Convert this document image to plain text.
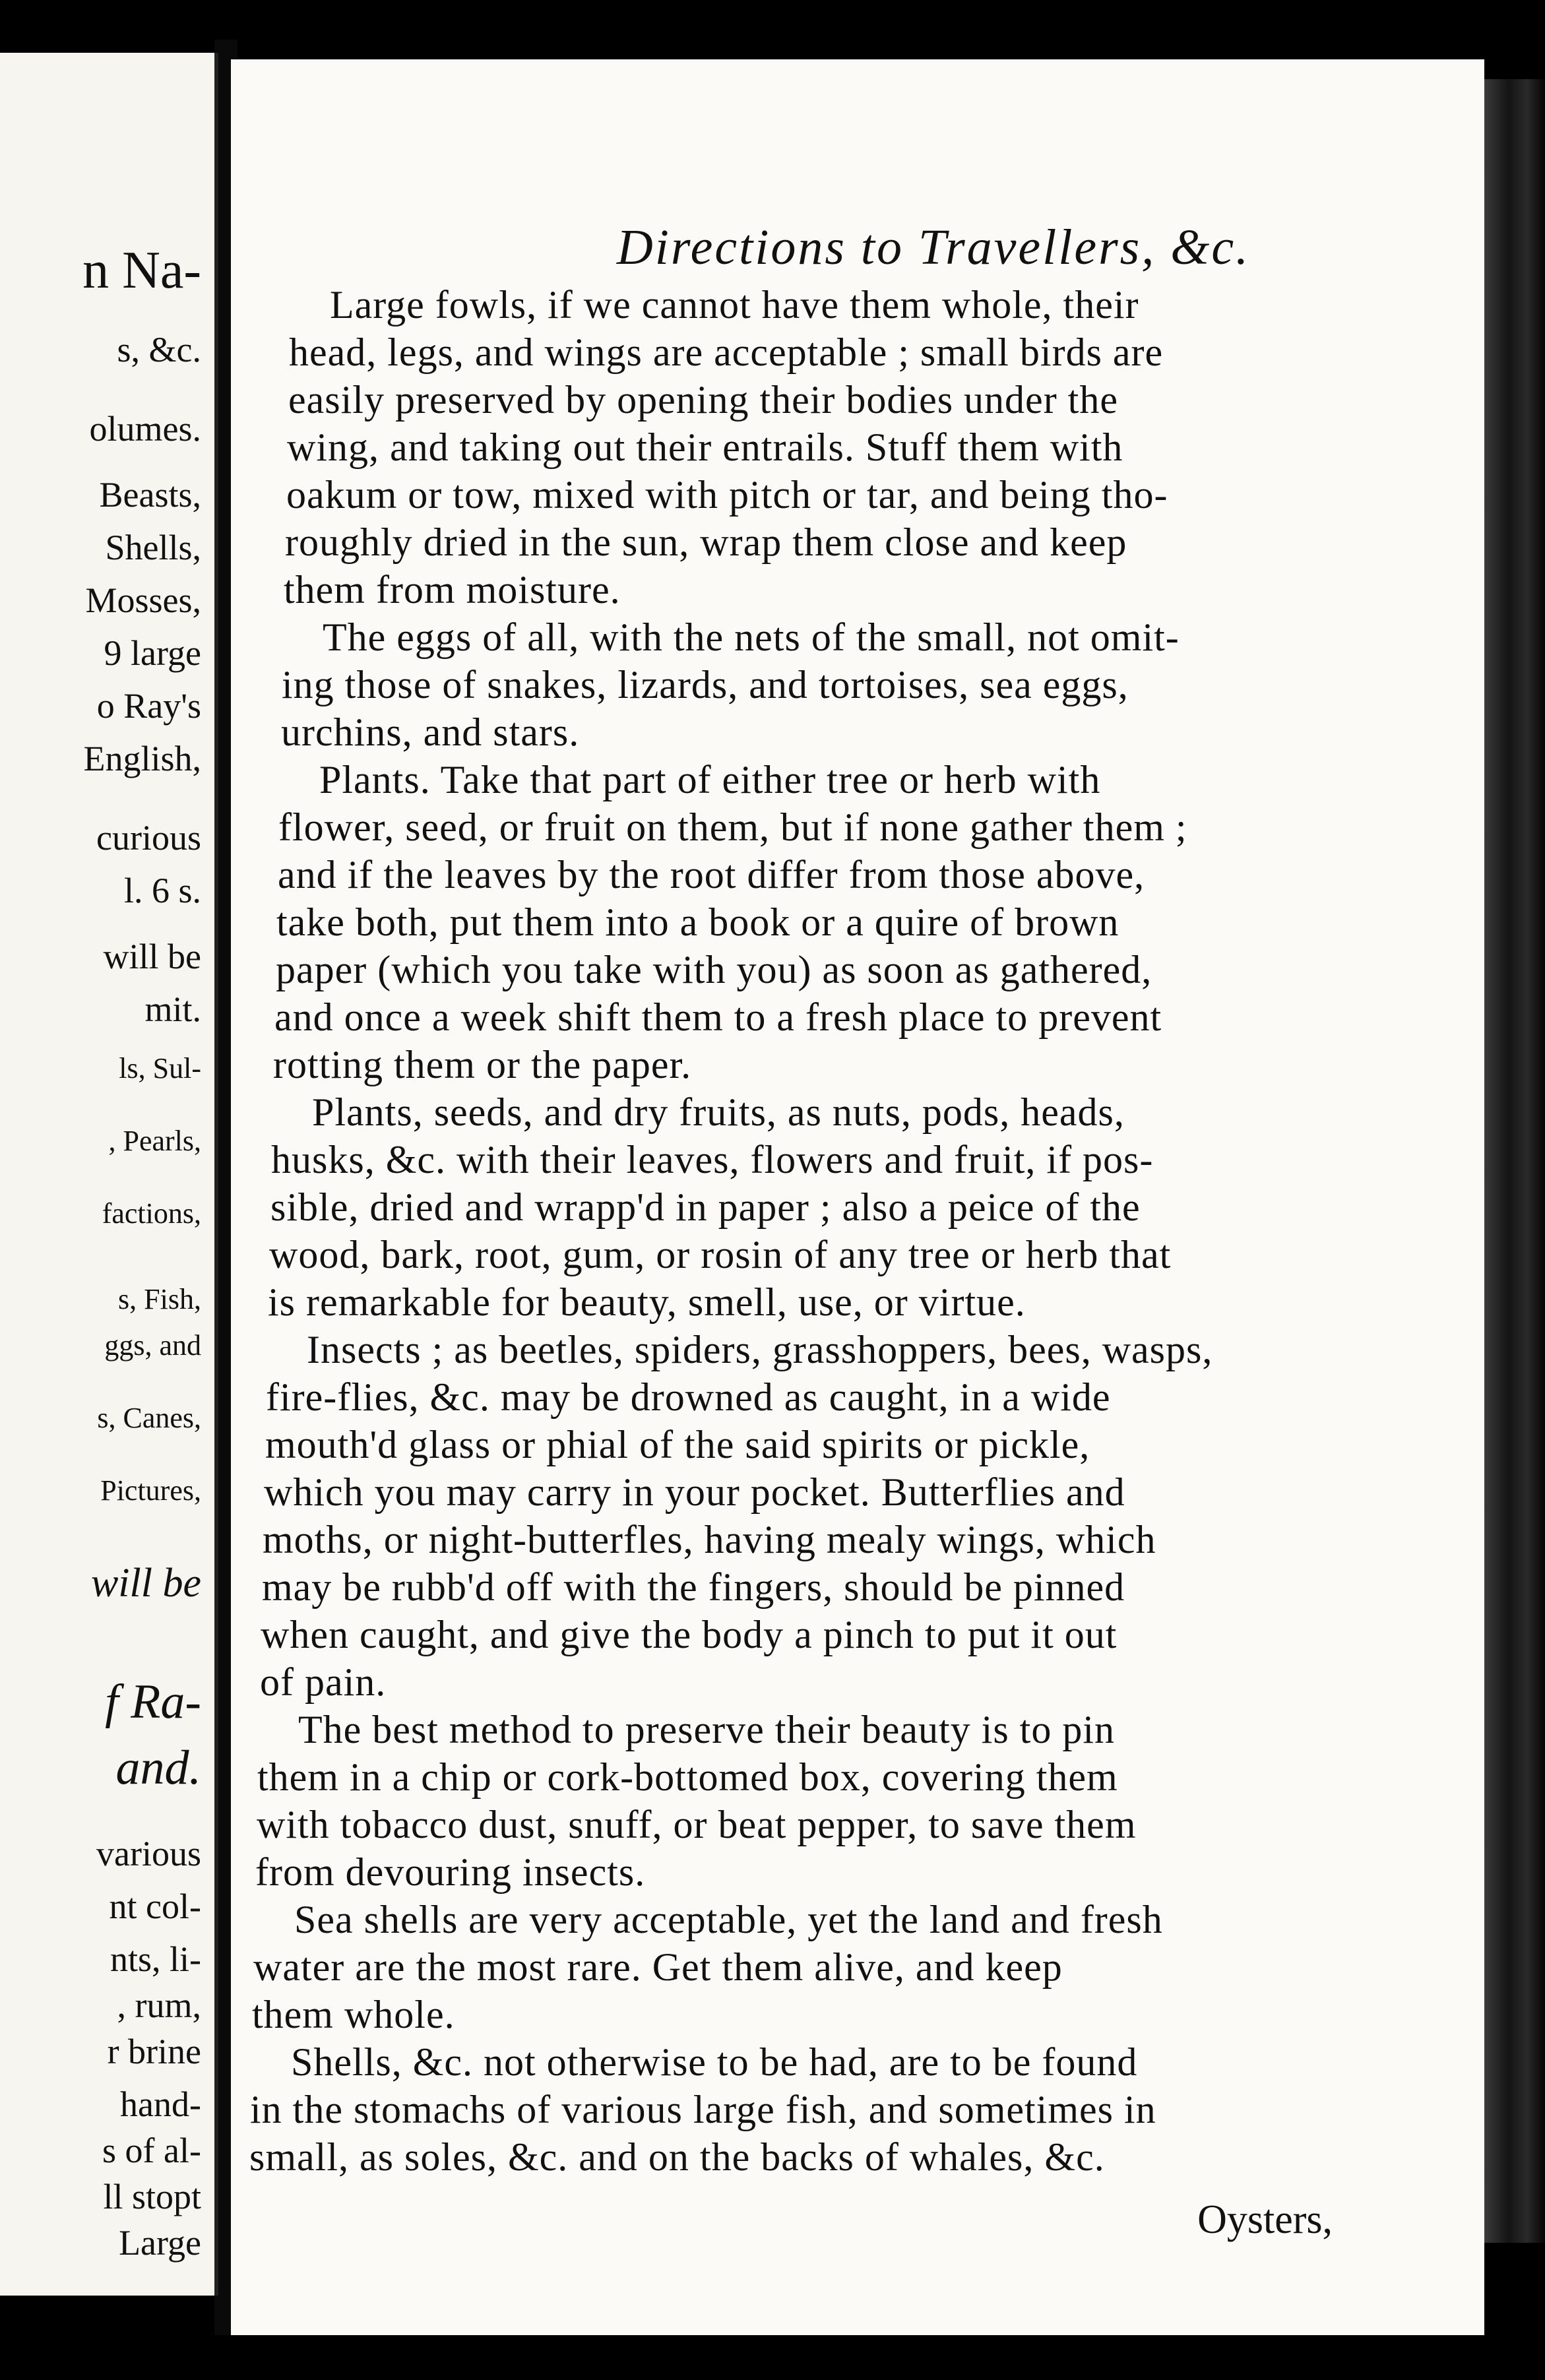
n Na-
s, &c.
olumes.
Beasts,
Shells,
Mosses,
9 large
o Ray's
English,
curious
l. 6 s.
will be
mit.
ls, Sul-
, Pearls,
factions,
s, Fish,
ggs, and
s, Canes,
Pictures,
will be
f Ra-
and.
various
nt col-
nts, li-
, rum,
r brine
hand-
s of al-
ll stopt
Large
Directions to Travellers, &c.
Large fowls, if we cannot have them whole, their
head, legs, and wings are acceptable ; small birds are
easily preserved by opening their bodies under the
wing, and taking out their entrails. Stuff them with
oakum or tow, mixed with pitch or tar, and being tho-
roughly dried in the sun, wrap them close and keep
them from moisture.
The eggs of all, with the nets of the small, not omit-
ing those of snakes, lizards, and tortoises, sea eggs,
urchins, and stars.
Plants. Take that part of either tree or herb with
flower, seed, or fruit on them, but if none gather them ;
and if the leaves by the root differ from those above,
take both, put them into a book or a quire of brown
paper (which you take with you) as soon as gathered,
and once a week shift them to a fresh place to prevent
rotting them or the paper.
Plants, seeds, and dry fruits, as nuts, pods, heads,
husks, &c. with their leaves, flowers and fruit, if pos-
sible, dried and wrapp'd in paper ; also a peice of the
wood, bark, root, gum, or rosin of any tree or herb that
is remarkable for beauty, smell, use, or virtue.
Insects ; as beetles, spiders, grasshoppers, bees, wasps,
fire-flies, &c. may be drowned as caught, in a wide
mouth'd glass or phial of the said spirits or pickle,
which you may carry in your pocket. Butterflies and
moths, or night-butterfles, having mealy wings, which
may be rubb'd off with the fingers, should be pinned
when caught, and give the body a pinch to put it out
of pain.
The best method to preserve their beauty is to pin
them in a chip or cork-bottomed box, covering them
with tobacco dust, snuff, or beat pepper, to save them
from devouring insects.
Sea shells are very acceptable, yet the land and fresh
water are the most rare. Get them alive, and keep
them whole.
Shells, &c. not otherwise to be had, are to be found
in the stomachs of various large fish, and sometimes in
small, as soles, &c. and on the backs of whales, &c.
Oysters,
